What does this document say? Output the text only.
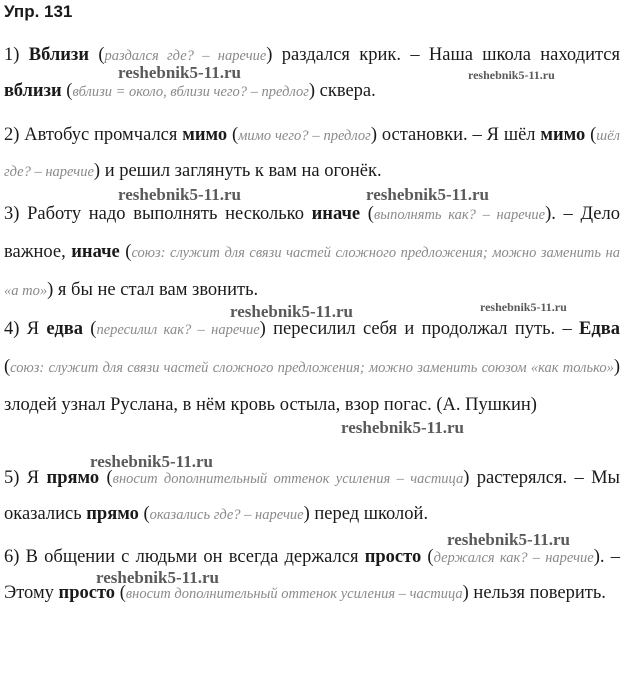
Упр. 131
1) Вблизи (раздался где? – наречие) раздался крик. – Наша школа находится вблизи (вблизи = около, вблизи чего? – предлог) сквера.
2) Автобус промчался мимо (мимо чего? – предлог) остановки. – Я шёл мимо (шёл где? – наречие) и решил заглянуть к вам на огонёк.
3) Работу надо выполнять несколько иначе (выполнять как? – наречие). – Дело важное, иначе (союз: служит для связи частей сложного предложения; можно заменить на «а то») я бы не стал вам звонить.
4) Я едва (пересилил как? – наречие) пересилил себя и продолжал путь. – Едва (союз: служит для связи частей сложного предложения; можно заменить союзом «как только») злодей узнал Руслана, в нём кровь остыла, взор погас. (А. Пушкин)
5) Я прямо (вносит дополнительный оттенок усиления – частица) растерялся. – Мы оказались прямо (оказались где? – наречие) перед школой.
6) В общении с людьми он всегда держался просто (держался как? – наречие). – Этому просто (вносит дополнительный оттенок усиления – частица) нельзя поверить.
reshebnik5-11.ru	reshebnik5-11.ru
reshebnik5-11.ru	reshebnik5-11.ru
reshebnik5-11.ru	reshebnik5-11.ru
reshebnik5-11.ru
reshebnik5-11.ru
reshebnik5-11.ru
reshebnik5-11.ru
